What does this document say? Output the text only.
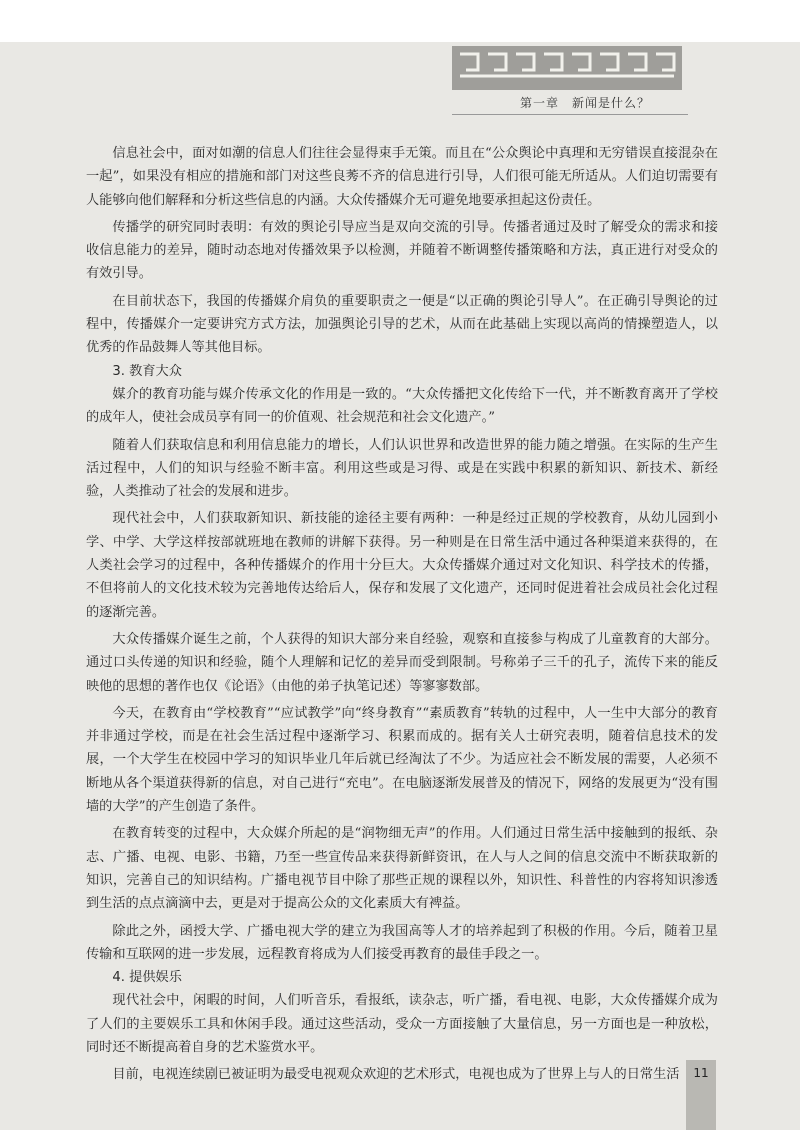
第一章　新闻是什么？

信息社会中，面对如潮的信息人们往往会显得束手无策。而且在“公众舆论中真理和无穷错误直接混杂在一起”，如果没有相应的措施和部门对这些良莠不齐的信息进行引导，人们很可能无所适从。人们迫切需要有人能够向他们解释和分析这些信息的内涵。大众传播媒介无可避免地要承担起这份责任。

传播学的研究同时表明：有效的舆论引导应当是双向交流的引导。传播者通过及时了解受众的需求和接收信息能力的差异，随时动态地对传播效果予以检测，并随着不断调整传播策略和方法，真正进行对受众的有效引导。

在目前状态下，我国的传播媒介肩负的重要职责之一便是“以正确的舆论引导人”。在正确引导舆论的过程中，传播媒介一定要讲究方式方法，加强舆论引导的艺术，从而在此基础上实现以高尚的情操塑造人，以优秀的作品鼓舞人等其他目标。

3. 教育大众

媒介的教育功能与媒介传承文化的作用是一致的。“大众传播把文化传给下一代，并不断教育离开了学校的成年人，使社会成员享有同一的价值观、社会规范和社会文化遗产。”

随着人们获取信息和利用信息能力的增长，人们认识世界和改造世界的能力随之增强。在实际的生产生活过程中，人们的知识与经验不断丰富。利用这些或是习得、或是在实践中积累的新知识、新技术、新经验，人类推动了社会的发展和进步。

现代社会中，人们获取新知识、新技能的途径主要有两种：一种是经过正规的学校教育，从幼儿园到小学、中学、大学这样按部就班地在教师的讲解下获得。另一种则是在日常生活中通过各种渠道来获得的，在人类社会学习的过程中，各种传播媒介的作用十分巨大。大众传播媒介通过对文化知识、科学技术的传播，不但将前人的文化技术较为完善地传达给后人，保存和发展了文化遗产，还同时促进着社会成员社会化过程的逐渐完善。

大众传播媒介诞生之前，个人获得的知识大部分来自经验，观察和直接参与构成了儿童教育的大部分。通过口头传递的知识和经验，随个人理解和记忆的差异而受到限制。号称弟子三千的孔子，流传下来的能反映他的思想的著作也仅《论语》（由他的弟子执笔记述）等寥寥数部。

今天，在教育由“学校教育”“应试教学”向“终身教育”“素质教育”转轨的过程中，人一生中大部分的教育并非通过学校，而是在社会生活过程中逐渐学习、积累而成的。据有关人士研究表明，随着信息技术的发展，一个大学生在校园中学习的知识毕业几年后就已经淘汰了不少。为适应社会不断发展的需要，人必须不断地从各个渠道获得新的信息，对自己进行“充电”。在电脑逐渐发展普及的情况下，网络的发展更为“没有围墙的大学”的产生创造了条件。

在教育转变的过程中，大众媒介所起的是“润物细无声”的作用。人们通过日常生活中接触到的报纸、杂志、广播、电视、电影、书籍，乃至一些宣传品来获得新鲜资讯，在人与人之间的信息交流中不断获取新的知识，完善自己的知识结构。广播电视节目中除了那些正规的课程以外，知识性、科普性的内容将知识渗透到生活的点点滴滴中去，更是对于提高公众的文化素质大有裨益。

除此之外，函授大学、广播电视大学的建立为我国高等人才的培养起到了积极的作用。今后，随着卫星传输和互联网的进一步发展，远程教育将成为人们接受再教育的最佳手段之一。

4. 提供娱乐

现代社会中，闲暇的时间，人们听音乐，看报纸，读杂志，听广播，看电视、电影，大众传播媒介成为了人们的主要娱乐工具和休闲手段。通过这些活动，受众一方面接触了大量信息，另一方面也是一种放松，同时还不断提高着自身的艺术鉴赏水平。

目前，电视连续剧已被证明为最受电视观众欢迎的艺术形式，电视也成为了世界上与人的日常生活	11
